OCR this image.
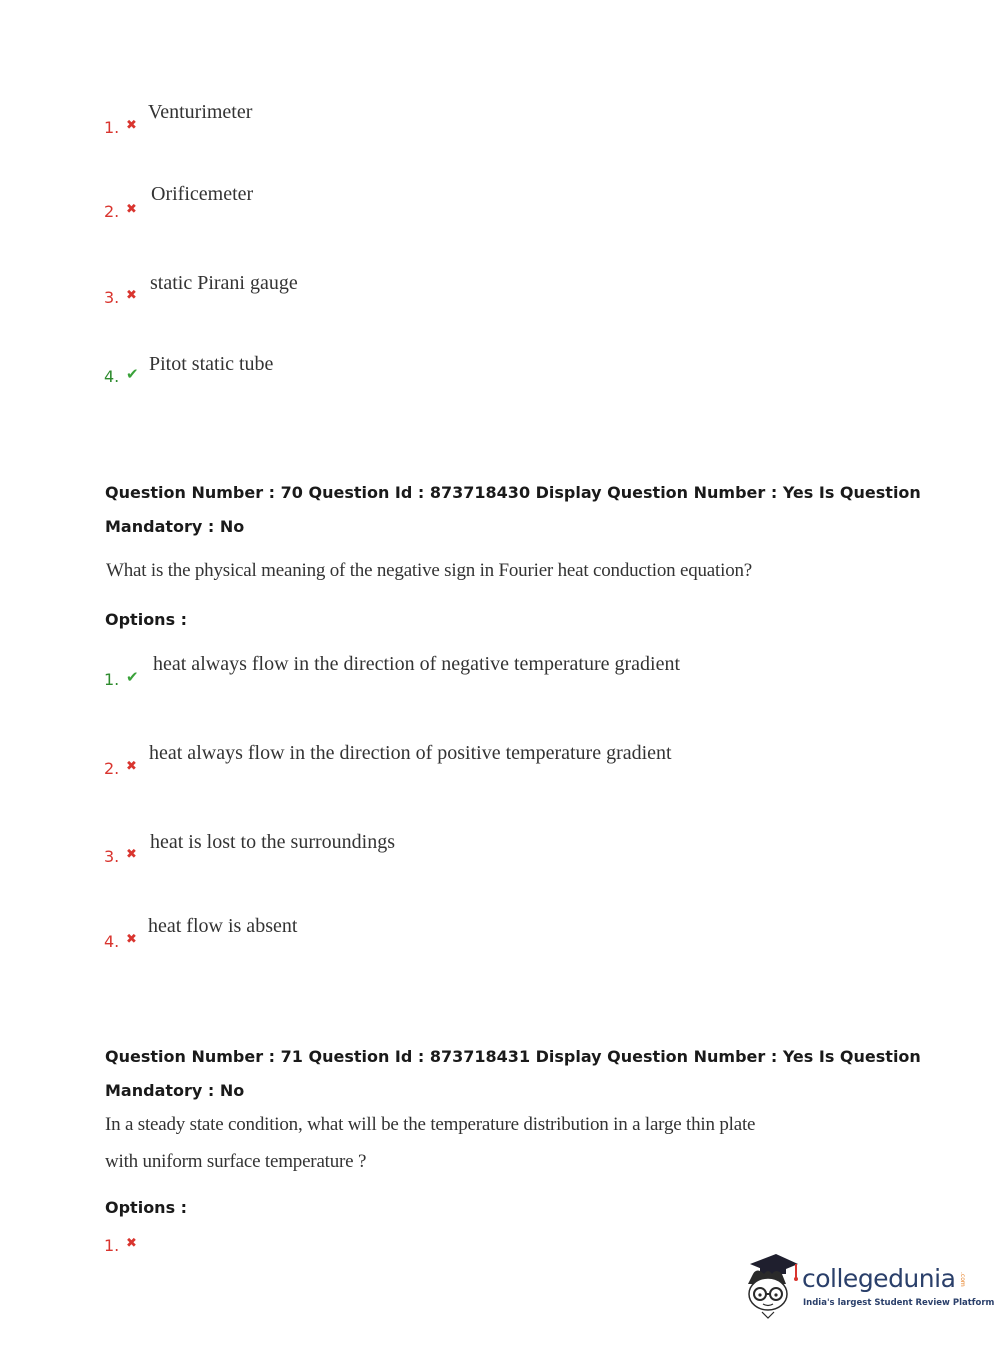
1. ✖
Venturimeter
2. ✖
Orificemeter
3. ✖
static Pirani gauge
4. ✔ Pitot static tube
Question Number : 70 Question Id : 873718430 Display Question Number : Yes Is Question
Mandatory : No
What is the physical meaning of the negative sign in Fourier heat conduction equation?
Options :
1. ✔
heat always flow in the direction of negative temperature gradient
2. ✖
heat always flow in the direction of positive temperature gradient
3. ✖
heat is lost to the surroundings
4. ✖
heat flow is absent
Question Number : 71 Question Id : 873718431 Display Question Number : Yes Is Question
Mandatory : No
In a steady state condition, what will be the temperature distribution in a large thin plate
with uniform surface temperature ?
Options :
1. ✖
collegedunia .com
India's largest Student Review Platform
